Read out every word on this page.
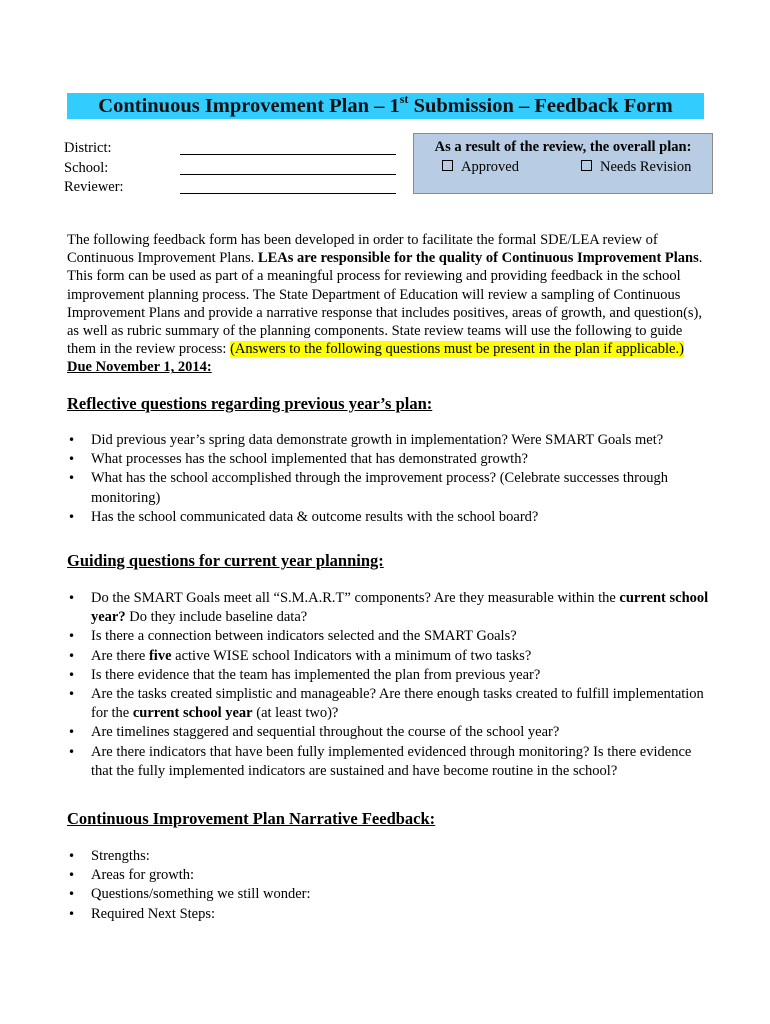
Continuous Improvement Plan – 1st Submission – Feedback Form
District:
School:
Reviewer:
As a result of the review, the overall plan:
Approved	Needs Revision
The following feedback form has been developed in order to facilitate the formal SDE/LEA review of Continuous Improvement Plans. LEAs are responsible for the quality of Continuous Improvement Plans. This form can be used as part of a meaningful process for reviewing and providing feedback in the school improvement planning process. The State Department of Education will review a sampling of Continuous Improvement Plans and provide a narrative response that includes positives, areas of growth, and question(s), as well as rubric summary of the planning components. State review teams will use the following to guide them in the review process: (Answers to the following questions must be present in the plan if applicable.) Due November 1, 2014:
Reflective questions regarding previous year’s plan:
• Did previous year’s spring data demonstrate growth in implementation? Were SMART Goals met?
• What processes has the school implemented that has demonstrated growth?
• What has the school accomplished through the improvement process? (Celebrate successes through monitoring)
• Has the school communicated data & outcome results with the school board?
Guiding questions for current year planning:
• Do the SMART Goals meet all “S.M.A.R.T” components? Are they measurable within the current school year? Do they include baseline data?
• Is there a connection between indicators selected and the SMART Goals?
• Are there five active WISE school Indicators with a minimum of two tasks?
• Is there evidence that the team has implemented the plan from previous year?
• Are the tasks created simplistic and manageable? Are there enough tasks created to fulfill implementation for the current school year (at least two)?
• Are timelines staggered and sequential throughout the course of the school year?
• Are there indicators that have been fully implemented evidenced through monitoring? Is there evidence that the fully implemented indicators are sustained and have become routine in the school?
Continuous Improvement Plan Narrative Feedback:
• Strengths:
• Areas for growth:
• Questions/something we still wonder:
• Required Next Steps:
